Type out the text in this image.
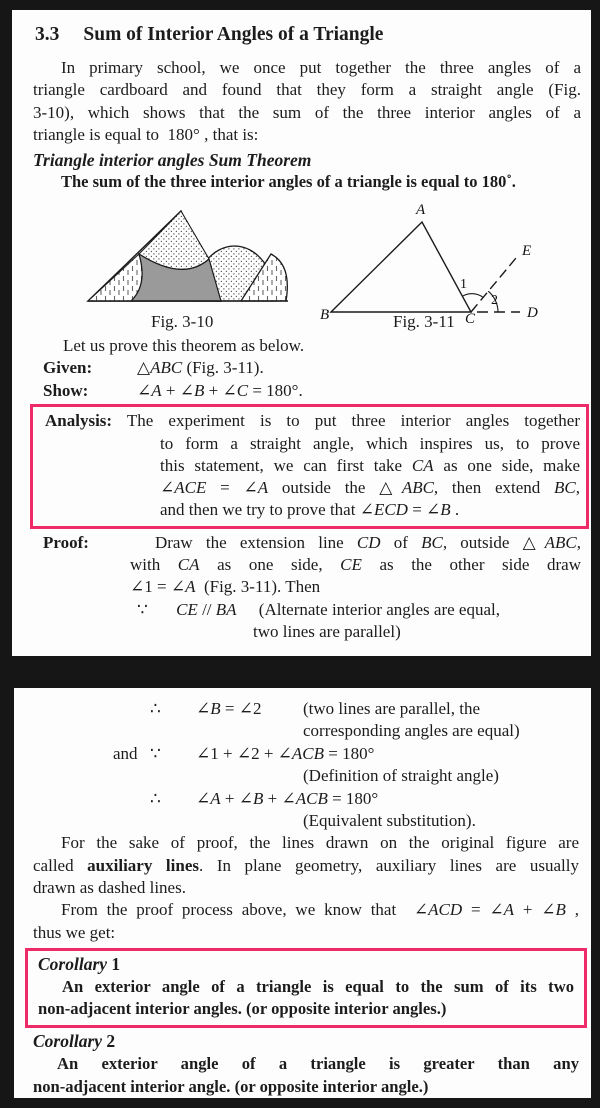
3.3 Sum of Interior Angles of a Triangle
In primary school, we once put together the three angles of a
triangle cardboard and found that they form a straight angle (Fig.
3-10), which shows that the sum of the three interior angles of a
triangle is equal to  180° , that is:
Triangle interior angles Sum Theorem
The sum of the three interior angles of a triangle is equal to 180˚.
A
B	C	D
E
1
2
Fig. 3-10	Fig. 3-11
Let us prove this theorem as below.
Given:	△ABC (Fig. 3-11).
Show:	∠A + ∠B + ∠C = 180°.
Analysis: The experiment is to put three interior angles together
to form a straight angle, which inspires us, to prove
this statement, we can first take CA as one side, make
∠ACE = ∠A outside the △ABC, then extend BC,
and then we try to prove that ∠ECD = ∠B .
Proof:	Draw the extension line CD of BC, outside △ABC,
with CA as one side, CE as the other side draw
∠1 = ∠A  (Fig. 3-11). Then
∵ CE // BA (Alternate interior angles are equal,
two lines are parallel)
∴ ∠B = ∠2 (two lines are parallel, the
corresponding angles are equal)
and ∵ ∠1 + ∠2 + ∠ACB = 180°
(Definition of straight angle)
∴ ∠A + ∠B + ∠ACB = 180°
(Equivalent substitution).
For the sake of proof, the lines drawn on the original figure are
called auxiliary lines. In plane geometry, auxiliary lines are usually
drawn as dashed lines.
From the proof process above, we know that  ∠ACD = ∠A + ∠B ,
thus we get:
Corollary 1
An exterior angle of a triangle is equal to the sum of its two
non-adjacent interior angles. (or opposite interior angles.)
Corollary 2
An exterior angle of a triangle is greater than any
non-adjacent interior angle. (or opposite interior angle.)
